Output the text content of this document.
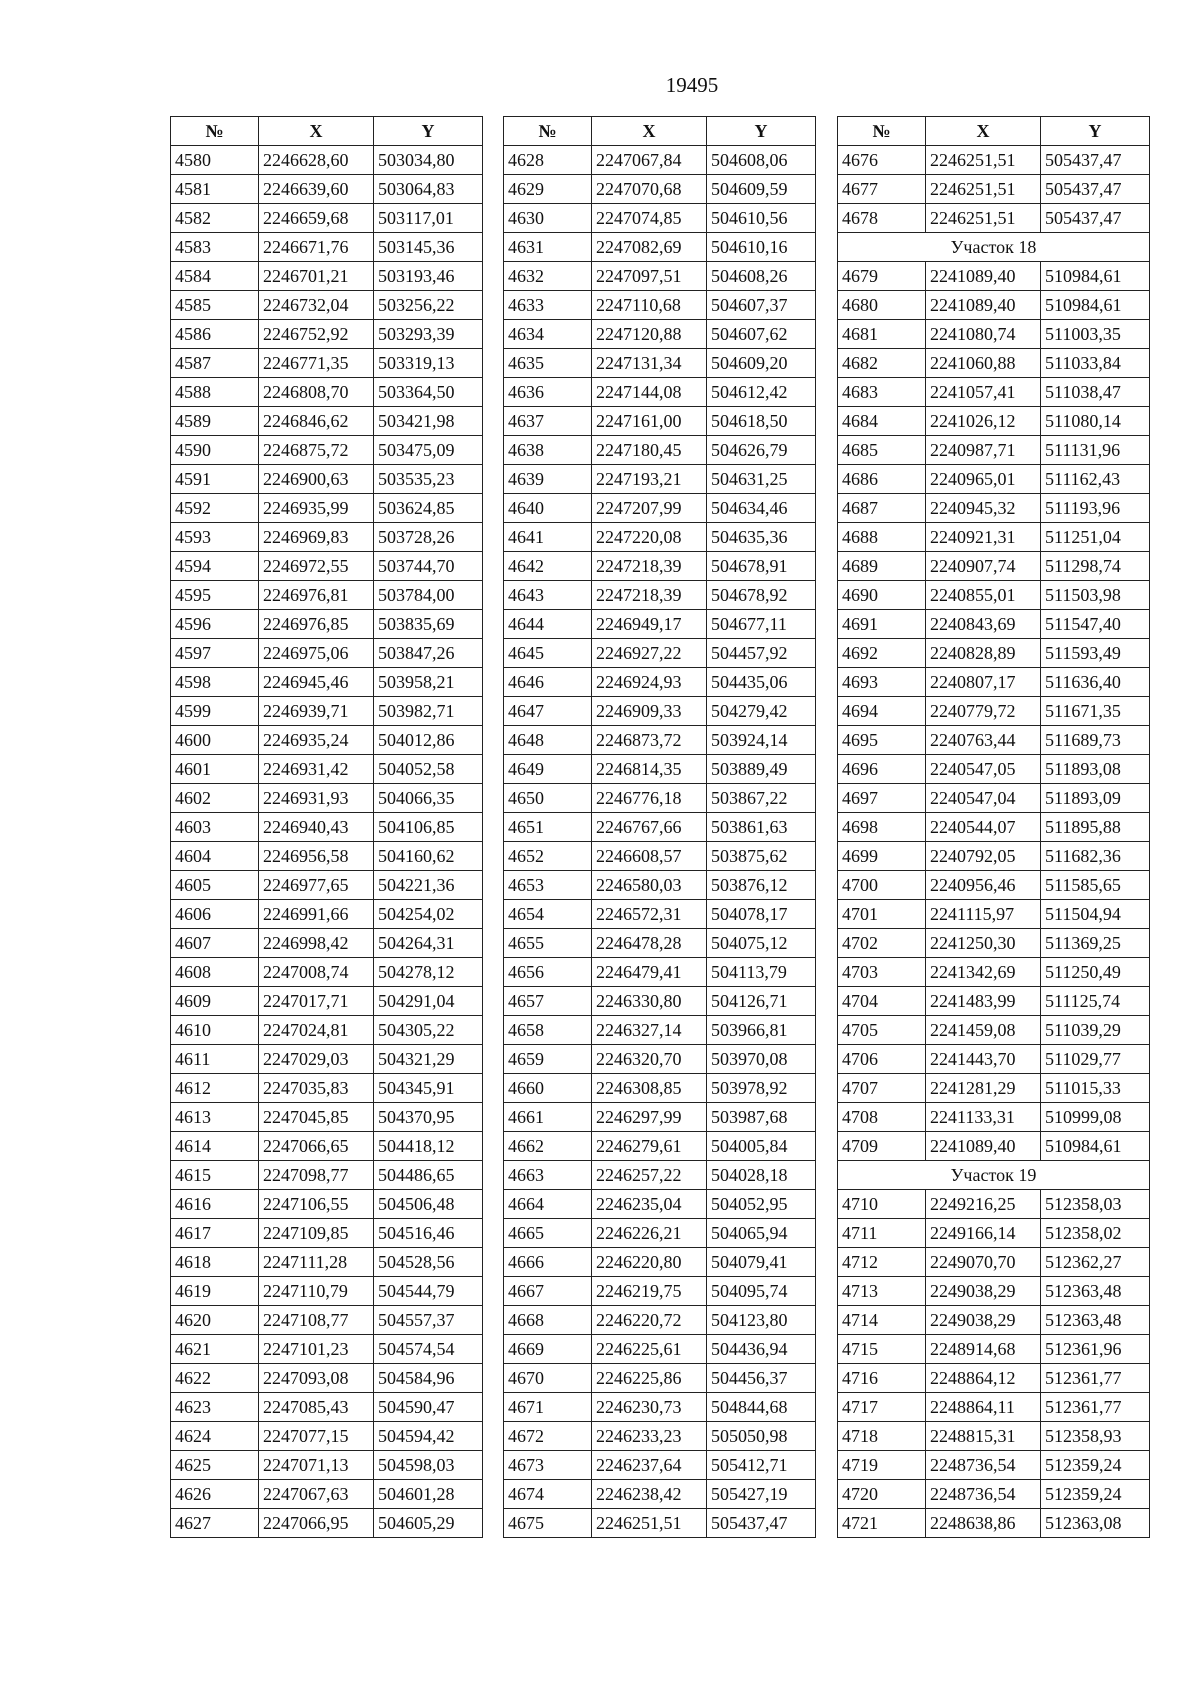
19495
№	X	Y
4580	2246628,60	503034,80
4581	2246639,60	503064,83
4582	2246659,68	503117,01
4583	2246671,76	503145,36
4584	2246701,21	503193,46
4585	2246732,04	503256,22
4586	2246752,92	503293,39
4587	2246771,35	503319,13
4588	2246808,70	503364,50
4589	2246846,62	503421,98
4590	2246875,72	503475,09
4591	2246900,63	503535,23
4592	2246935,99	503624,85
4593	2246969,83	503728,26
4594	2246972,55	503744,70
4595	2246976,81	503784,00
4596	2246976,85	503835,69
4597	2246975,06	503847,26
4598	2246945,46	503958,21
4599	2246939,71	503982,71
4600	2246935,24	504012,86
4601	2246931,42	504052,58
4602	2246931,93	504066,35
4603	2246940,43	504106,85
4604	2246956,58	504160,62
4605	2246977,65	504221,36
4606	2246991,66	504254,02
4607	2246998,42	504264,31
4608	2247008,74	504278,12
4609	2247017,71	504291,04
4610	2247024,81	504305,22
4611	2247029,03	504321,29
4612	2247035,83	504345,91
4613	2247045,85	504370,95
4614	2247066,65	504418,12
4615	2247098,77	504486,65
4616	2247106,55	504506,48
4617	2247109,85	504516,46
4618	2247111,28	504528,56
4619	2247110,79	504544,79
4620	2247108,77	504557,37
4621	2247101,23	504574,54
4622	2247093,08	504584,96
4623	2247085,43	504590,47
4624	2247077,15	504594,42
4625	2247071,13	504598,03
4626	2247067,63	504601,28
4627	2247066,95	504605,29
№	X	Y
4628	2247067,84	504608,06
4629	2247070,68	504609,59
4630	2247074,85	504610,56
4631	2247082,69	504610,16
4632	2247097,51	504608,26
4633	2247110,68	504607,37
4634	2247120,88	504607,62
4635	2247131,34	504609,20
4636	2247144,08	504612,42
4637	2247161,00	504618,50
4638	2247180,45	504626,79
4639	2247193,21	504631,25
4640	2247207,99	504634,46
4641	2247220,08	504635,36
4642	2247218,39	504678,91
4643	2247218,39	504678,92
4644	2246949,17	504677,11
4645	2246927,22	504457,92
4646	2246924,93	504435,06
4647	2246909,33	504279,42
4648	2246873,72	503924,14
4649	2246814,35	503889,49
4650	2246776,18	503867,22
4651	2246767,66	503861,63
4652	2246608,57	503875,62
4653	2246580,03	503876,12
4654	2246572,31	504078,17
4655	2246478,28	504075,12
4656	2246479,41	504113,79
4657	2246330,80	504126,71
4658	2246327,14	503966,81
4659	2246320,70	503970,08
4660	2246308,85	503978,92
4661	2246297,99	503987,68
4662	2246279,61	504005,84
4663	2246257,22	504028,18
4664	2246235,04	504052,95
4665	2246226,21	504065,94
4666	2246220,80	504079,41
4667	2246219,75	504095,74
4668	2246220,72	504123,80
4669	2246225,61	504436,94
4670	2246225,86	504456,37
4671	2246230,73	504844,68
4672	2246233,23	505050,98
4673	2246237,64	505412,71
4674	2246238,42	505427,19
4675	2246251,51	505437,47
№	X	Y
4676	2246251,51	505437,47
4677	2246251,51	505437,47
4678	2246251,51	505437,47
Участок 18		
4679	2241089,40	510984,61
4680	2241089,40	510984,61
4681	2241080,74	511003,35
4682	2241060,88	511033,84
4683	2241057,41	511038,47
4684	2241026,12	511080,14
4685	2240987,71	511131,96
4686	2240965,01	511162,43
4687	2240945,32	511193,96
4688	2240921,31	511251,04
4689	2240907,74	511298,74
4690	2240855,01	511503,98
4691	2240843,69	511547,40
4692	2240828,89	511593,49
4693	2240807,17	511636,40
4694	2240779,72	511671,35
4695	2240763,44	511689,73
4696	2240547,05	511893,08
4697	2240547,04	511893,09
4698	2240544,07	511895,88
4699	2240792,05	511682,36
4700	2240956,46	511585,65
4701	2241115,97	511504,94
4702	2241250,30	511369,25
4703	2241342,69	511250,49
4704	2241483,99	511125,74
4705	2241459,08	511039,29
4706	2241443,70	511029,77
4707	2241281,29	511015,33
4708	2241133,31	510999,08
4709	2241089,40	510984,61
Участок 19		
4710	2249216,25	512358,03
4711	2249166,14	512358,02
4712	2249070,70	512362,27
4713	2249038,29	512363,48
4714	2249038,29	512363,48
4715	2248914,68	512361,96
4716	2248864,12	512361,77
4717	2248864,11	512361,77
4718	2248815,31	512358,93
4719	2248736,54	512359,24
4720	2248736,54	512359,24
4721	2248638,86	512363,08
